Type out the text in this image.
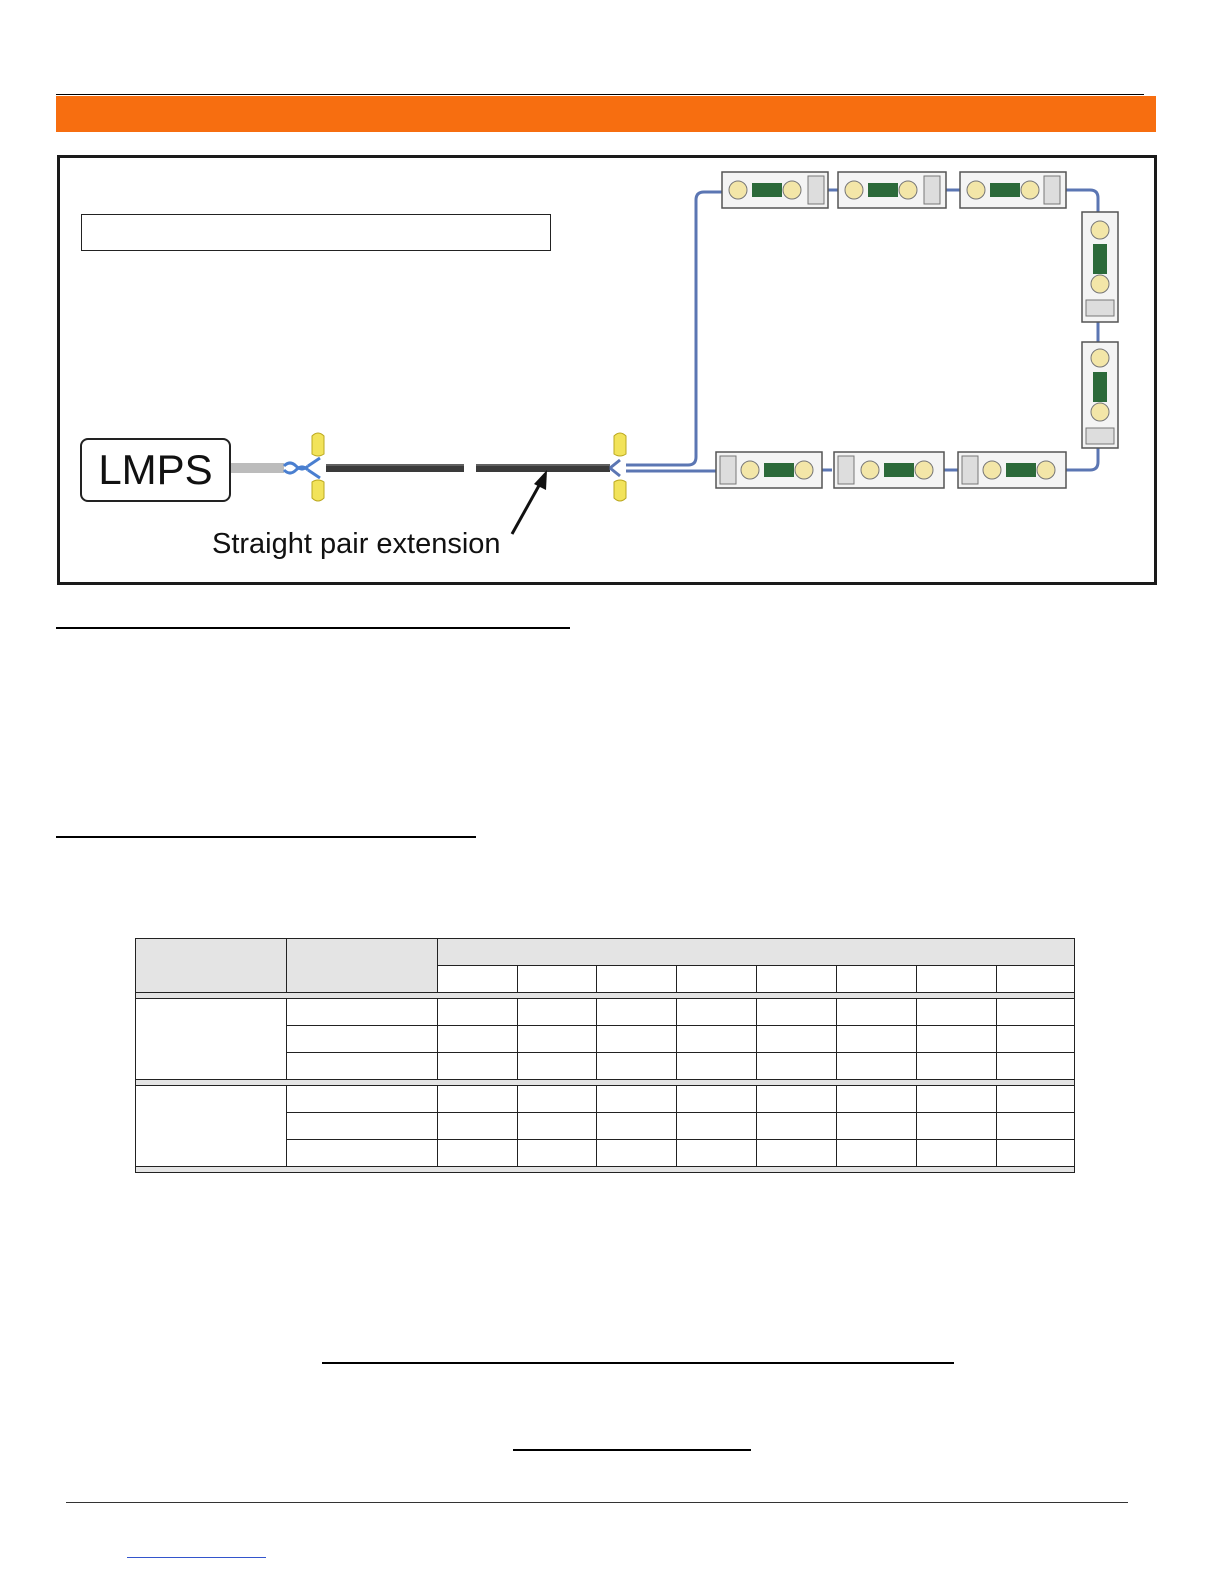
LMPS
Straight pair extension
